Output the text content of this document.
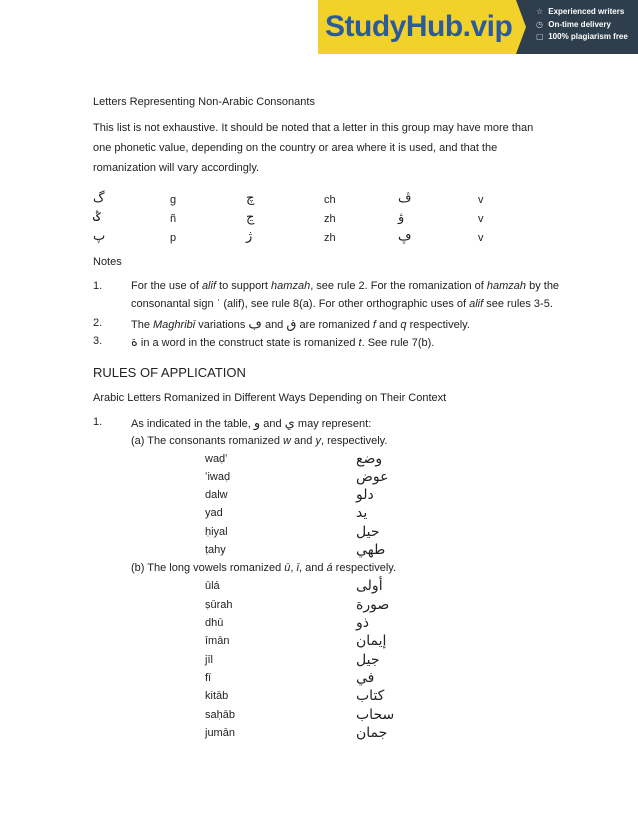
StudyHub.vip	☆ Experienced writers
◷ On-time delivery
▢ 100% plagiarism free
Letters Representing Non-Arabic Consonants
This list is not exhaustive. It should be noted that a letter in this group may have more than one phonetic value, depending on the country or area where it is used, and that the romanization will vary accordingly.
گ	g	چ	ch	ڤ	v
ݣ	ñ	ڃ	zh	ۋ	v
پ	p	ژ	zh	ڥ	v
Notes
1.	For the use of alif to support hamzah, see rule 2. For the romanization of hamzah by the
consonantal sign ʾ (alif), see rule 8(a). For other orthographic uses of alif see rules 3-5.
2.	The Maghribī variations ڢ and ڧ are romanized f and q respectively.
3. ة in a word in the construct state is romanized t. See rule 7(b).
RULES OF APPLICATION
Arabic Letters Romanized in Different Ways Depending on Their Context
1.	As indicated in the table, و and ي may represent:
(a) The consonants romanized w and y, respectively.
waḍʻ	وضع
ʻiwaḍ	عوض
dalw	دلو
yad	يد
ḥiyal	حيل
ṭahy	طهي
(b) The long vowels romanized ū, ī, and á respectively.
ūlá	أولى
ṣūrah	صورة
dhū	ذو
īmān	إيمان
jīl	جيل
fī	في
kitāb	كتاب
saḥāb	سحاب
jumān	جمان
